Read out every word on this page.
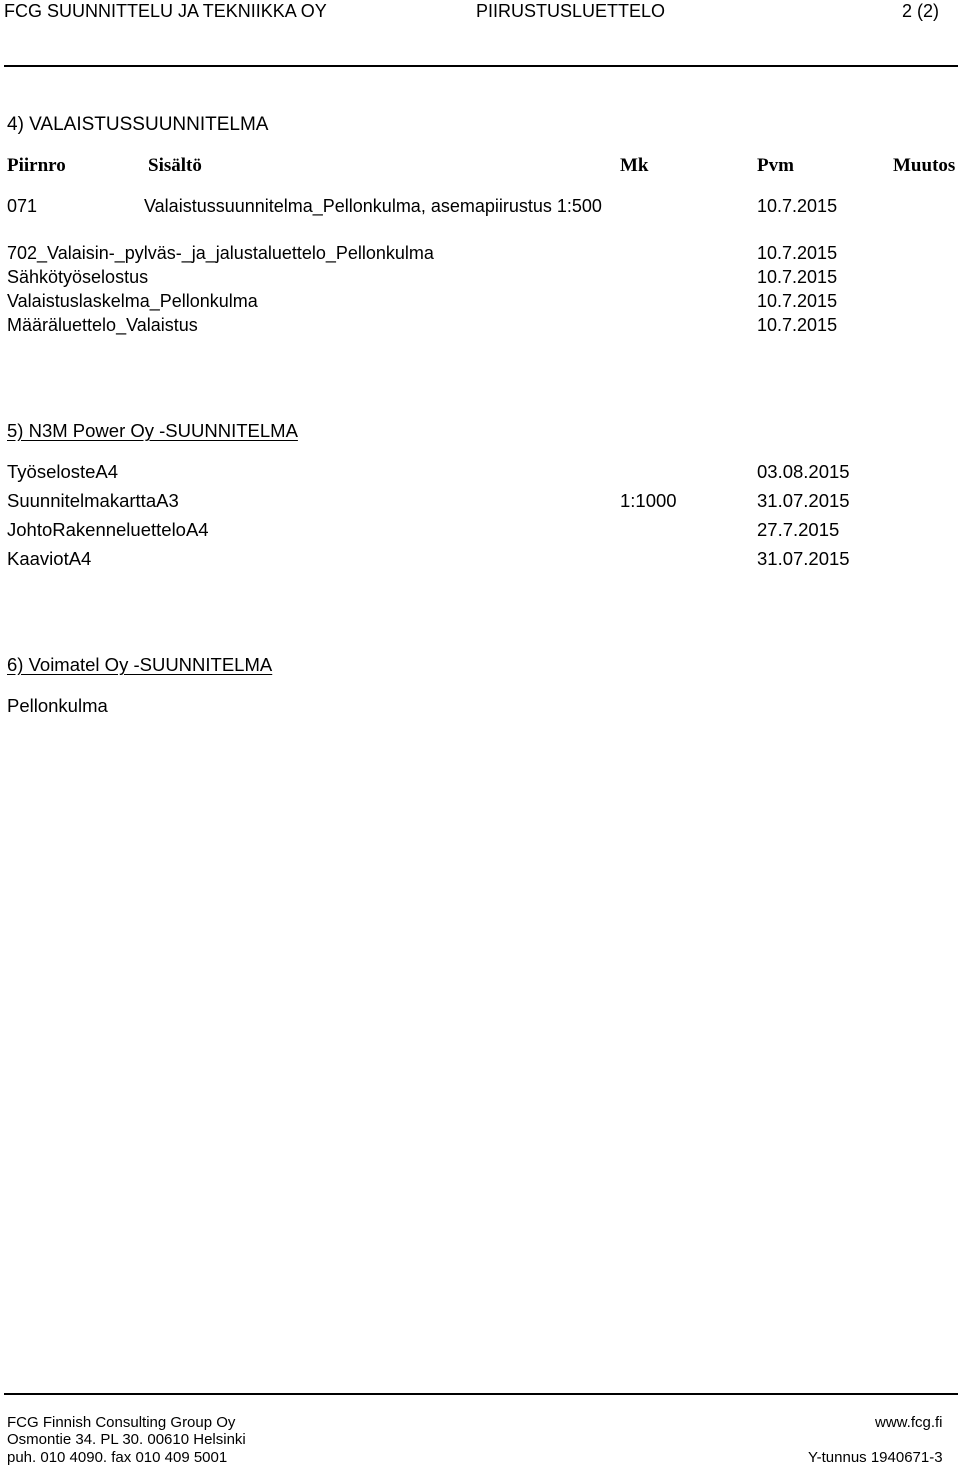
FCG SUUNNITTELU JA TEKNIIKKA OY	PIIRUSTUSLUETTELO	2 (2)
4) VALAISTUSSUUNNITELMA
Piirnro	Sisältö	Mk	Pvm	Muutos
071	Valaistussuunnitelma_Pellonkulma, asemapiirustus 1:500	10.7.2015
702_Valaisin-_pylväs-_ja_jalustaluettelo_Pellonkulma	10.7.2015
Sähkötyöselostus	10.7.2015
Valaistuslaskelma_Pellonkulma	10.7.2015
Määräluettelo_Valaistus	10.7.2015
5) N3M Power Oy -SUUNNITELMA
TyöselosteA4	03.08.2015
SuunnitelmakarttaA3	1:1000	31.07.2015
JohtoRakenneluetteloA4	27.7.2015
KaaviotA4	31.07.2015
6) Voimatel Oy -SUUNNITELMA
Pellonkulma
FCG Finnish Consulting Group Oy
Osmontie 34. PL 30. 00610 Helsinki
puh. 010 4090. fax 010 409 5001
www.fcg.fi
Y-tunnus 1940671-3
